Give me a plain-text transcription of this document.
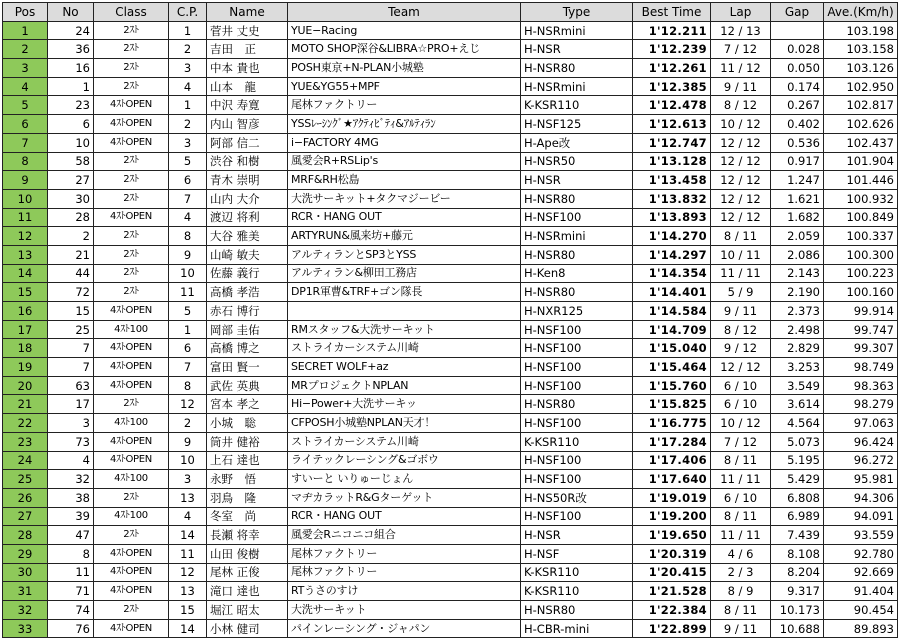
Pos	No	Class	C.P.	Name	Team	Type	Best Time	Lap	Gap	Ave.(Km/h)
1	24	2ｽﾄ	1	菅井 丈史	YUE−Racing	H-NSRmini	1'12.211	12 / 13		103.198
2	36	2ｽﾄ	2	吉田　正	MOTO SHOP深谷&LIBRA☆PRO+えじ	H-NSR	1'12.239	7 / 12	0.028	103.158
3	16	2ｽﾄ	3	中本 貴也	POSH東京+N-PLAN小城塾	H-NSR80	1'12.261	11 / 12	0.050	103.126
4	1	2ｽﾄ	4	山本　龍	YUE&YG55+MPF	H-NSRmini	1'12.385	9 / 11	0.174	102.950
5	23	4ｽﾄOPEN	1	中沢 寿寛	尾林ファクトリー	K-KSR110	1'12.478	8 / 12	0.267	102.817
6	6	4ｽﾄOPEN	2	内山 智彦	YSSﾚｰｼﾝｸﾞ★ｱｸﾃｨﾋﾞﾃｨ&ｱﾙﾃｨﾗﾝ	H-NSF125	1'12.613	10 / 12	0.402	102.626
7	10	4ｽﾄOPEN	3	阿部 信二	i−FACTORY 4MG	H-Ape改	1'12.747	12 / 12	0.536	102.437
8	58	2ｽﾄ	5	渋谷 和樹	風愛会R+RSLip's	H-NSR50	1'13.128	12 / 12	0.917	101.904
9	27	2ｽﾄ	6	青木 崇明	MRF&RH松島	H-NSR	1'13.458	12 / 12	1.247	101.446
10	30	2ｽﾄ	7	山内 大介	大洗サーキット+タクマジービー	H-NSR80	1'13.832	12 / 12	1.621	100.932
11	28	4ｽﾄOPEN	4	渡辺 将利	RCR・HANG OUT	H-NSF100	1'13.893	12 / 12	1.682	100.849
12	2	2ｽﾄ	8	大谷 雅美	ARTYRUN&風来坊+藤元	H-NSRmini	1'14.270	8 / 11	2.059	100.337
13	21	2ｽﾄ	9	山崎 敏夫	アルティランとSP3とYSS	H-NSR80	1'14.297	10 / 11	2.086	100.300
14	44	2ｽﾄ	10	佐藤 義行	アルティラン&柳田工務店	H-Ken8	1'14.354	11 / 11	2.143	100.223
15	72	2ｽﾄ	11	高橋 孝浩	DP1R軍曹&TRF+ゴン隊長	H-NSR80	1'14.401	5 / 9	2.190	100.160
16	15	4ｽﾄOPEN	5	赤石 博行		H-NXR125	1'14.584	9 / 11	2.373	99.914
17	25	4ｽﾄ100	1	岡部 圭佑	RMスタッフ&大洗サーキット	H-NSF100	1'14.709	8 / 12	2.498	99.747
18	7	4ｽﾄOPEN	6	高橋 博之	ストライカーシステム川崎	H-NSF100	1'15.040	9 / 12	2.829	99.307
19	7	4ｽﾄOPEN	7	富田 賢一	SECRET WOLF+az	H-NSF100	1'15.464	12 / 12	3.253	98.749
20	63	4ｽﾄOPEN	8	武佐 英典	MRプロジェクトNPLAN	H-NSF100	1'15.760	6 / 10	3.549	98.363
21	17	2ｽﾄ	12	宮本 孝之	Hi−Power+大洗サーキッ	H-NSR80	1'15.825	6 / 10	3.614	98.279
22	3	4ｽﾄ100	2	小城　聡	CFPOSH小城塾NPLAN天才！	H-NSF100	1'16.775	10 / 12	4.564	97.063
23	73	4ｽﾄOPEN	9	筒井 健裕	ストライカーシステム川崎	K-KSR110	1'17.284	7 / 12	5.073	96.424
24	4	4ｽﾄOPEN	10	上石 達也	ライテックレーシング&ゴボウ	H-NSF100	1'17.406	8 / 11	5.195	96.272
25	32	4ｽﾄ100	3	永野　悟	すいーと いりゅーじょん	H-NSF100	1'17.640	11 / 11	5.429	95.981
26	38	2ｽﾄ	13	羽鳥　隆	マヂカラットR&Gターゲット	H-NS50R改	1'19.019	6 / 10	6.808	94.306
27	39	4ｽﾄ100	4	冬室　尚	RCR・HANG OUT	H-NSF100	1'19.200	8 / 11	6.989	94.091
28	47	2ｽﾄ	14	長瀬 将幸	風愛会Rニコニコ組合	H-NSR	1'19.650	11 / 11	7.439	93.559
29	8	4ｽﾄOPEN	11	山田 俊樹	尾林ファクトリー	H-NSF	1'20.319	4 / 6	8.108	92.780
30	11	4ｽﾄOPEN	12	尾林 正俊	尾林ファクトリー	K-KSR110	1'20.415	2 / 3	8.204	92.669
31	71	4ｽﾄOPEN	13	滝口 達也	RTうさのすけ	K-KSR110	1'21.528	8 / 9	9.317	91.404
32	74	2ｽﾄ	15	堀江 昭太	大洗サーキット	H-NSR80	1'22.384	8 / 11	10.173	90.454
33	76	4ｽﾄOPEN	14	小林 健司	パインレーシング・ジャパン	H-CBR-mini	1'22.899	9 / 11	10.688	89.893
